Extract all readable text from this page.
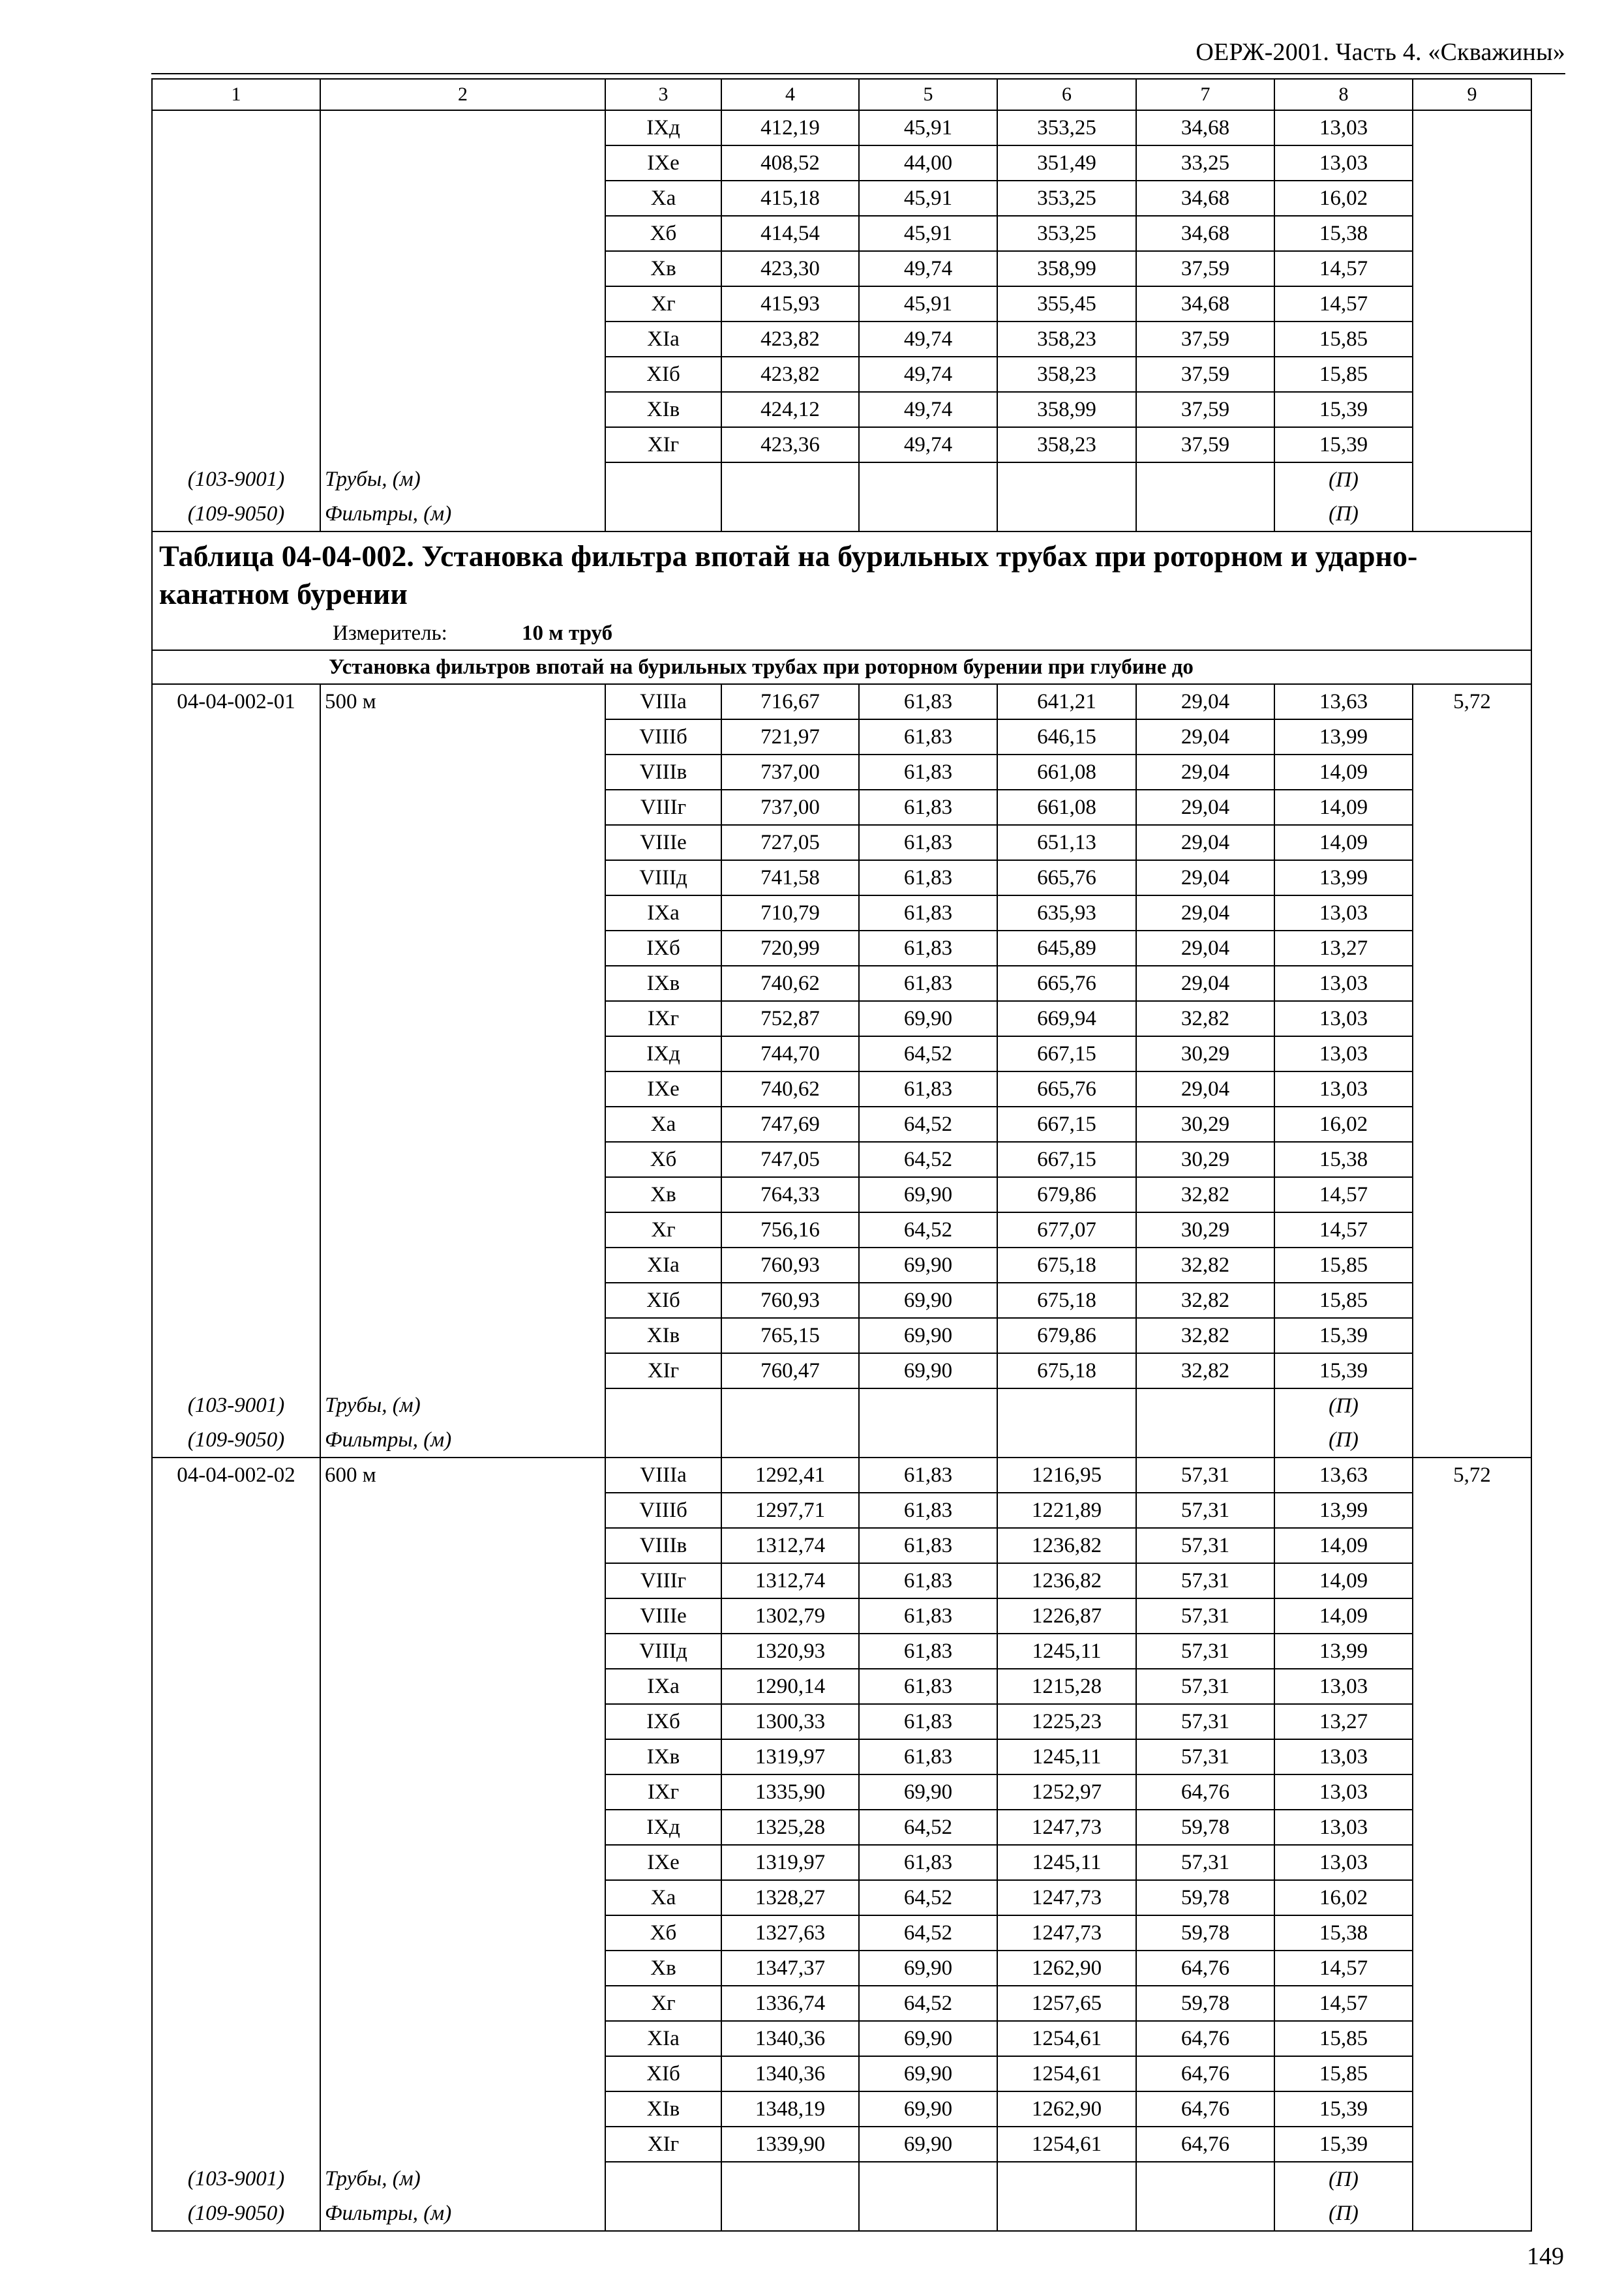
ОЕРЖ-2001. Часть 4. «Скважины»
1	2	3	4	5	6	7	8	9
		IXд	412,19	45,91	353,25	34,68	13,03	
		IXе	408,52	44,00	351,49	33,25	13,03	
		Xа	415,18	45,91	353,25	34,68	16,02	
		Xб	414,54	45,91	353,25	34,68	15,38	
		Xв	423,30	49,74	358,99	37,59	14,57	
		Xг	415,93	45,91	355,45	34,68	14,57	
		XIа	423,82	49,74	358,23	37,59	15,85	
		XIб	423,82	49,74	358,23	37,59	15,85	
		XIв	424,12	49,74	358,99	37,59	15,39	
		XIг	423,36	49,74	358,23	37,59	15,39	
(103-9001)	Трубы, (м)						(П)	
(109-9050)	Фильтры, (м)						(П)	
Таблица 04-04-002. Установка фильтра впотай на бурильных трубах при роторном и ударно-канатном бурении								
Измеритель: 10 м труб								
Установка фильтров впотай на бурильных трубах при роторном бурении при глубине до								
04-04-002-01	500 м	VIIIа	716,67	61,83	641,21	29,04	13,63	5,72
		VIIIб	721,97	61,83	646,15	29,04	13,99	
		VIIIв	737,00	61,83	661,08	29,04	14,09	
		VIIIг	737,00	61,83	661,08	29,04	14,09	
		VIIIе	727,05	61,83	651,13	29,04	14,09	
		VIIIд	741,58	61,83	665,76	29,04	13,99	
		IXа	710,79	61,83	635,93	29,04	13,03	
		IXб	720,99	61,83	645,89	29,04	13,27	
		IXв	740,62	61,83	665,76	29,04	13,03	
		IXг	752,87	69,90	669,94	32,82	13,03	
		IXд	744,70	64,52	667,15	30,29	13,03	
		IXе	740,62	61,83	665,76	29,04	13,03	
		Xа	747,69	64,52	667,15	30,29	16,02	
		Xб	747,05	64,52	667,15	30,29	15,38	
		Xв	764,33	69,90	679,86	32,82	14,57	
		Xг	756,16	64,52	677,07	30,29	14,57	
		XIа	760,93	69,90	675,18	32,82	15,85	
		XIб	760,93	69,90	675,18	32,82	15,85	
		XIв	765,15	69,90	679,86	32,82	15,39	
		XIг	760,47	69,90	675,18	32,82	15,39	
(103-9001)	Трубы, (м)						(П)	
(109-9050)	Фильтры, (м)						(П)	
04-04-002-02	600 м	VIIIа	1292,41	61,83	1216,95	57,31	13,63	5,72
		VIIIб	1297,71	61,83	1221,89	57,31	13,99	
		VIIIв	1312,74	61,83	1236,82	57,31	14,09	
		VIIIг	1312,74	61,83	1236,82	57,31	14,09	
		VIIIе	1302,79	61,83	1226,87	57,31	14,09	
		VIIIд	1320,93	61,83	1245,11	57,31	13,99	
		IXа	1290,14	61,83	1215,28	57,31	13,03	
		IXб	1300,33	61,83	1225,23	57,31	13,27	
		IXв	1319,97	61,83	1245,11	57,31	13,03	
		IXг	1335,90	69,90	1252,97	64,76	13,03	
		IXд	1325,28	64,52	1247,73	59,78	13,03	
		IXе	1319,97	61,83	1245,11	57,31	13,03	
		Xа	1328,27	64,52	1247,73	59,78	16,02	
		Xб	1327,63	64,52	1247,73	59,78	15,38	
		Xв	1347,37	69,90	1262,90	64,76	14,57	
		Xг	1336,74	64,52	1257,65	59,78	14,57	
		XIа	1340,36	69,90	1254,61	64,76	15,85	
		XIб	1340,36	69,90	1254,61	64,76	15,85	
		XIв	1348,19	69,90	1262,90	64,76	15,39	
		XIг	1339,90	69,90	1254,61	64,76	15,39	
(103-9001)	Трубы, (м)						(П)	
(109-9050)	Фильтры, (м)						(П)	
149
